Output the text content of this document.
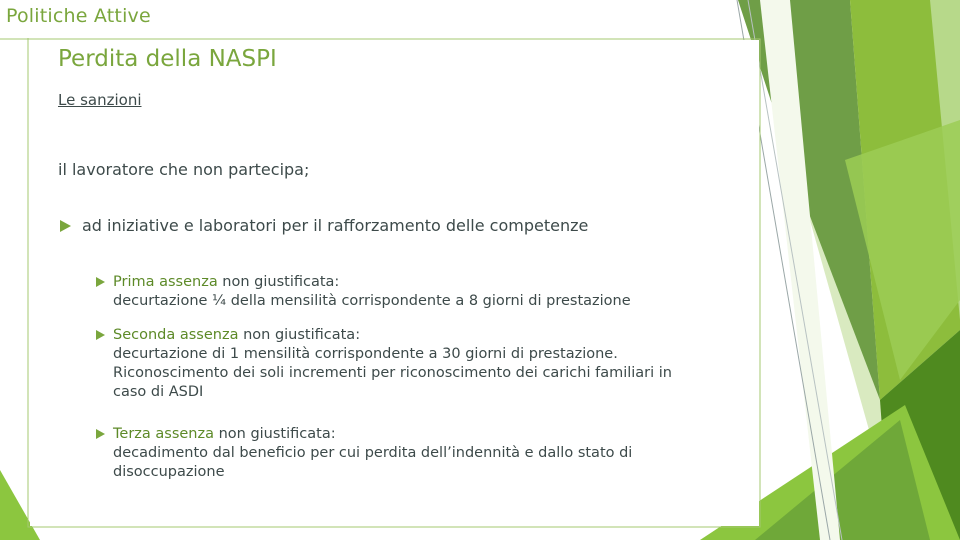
Politiche Attive
Perdita della NASPI
Le sanzioni
il lavoratore che non partecipa;
ad iniziative e laboratori per il rafforzamento delle competenze
Prima assenza non giustificata:
decurtazione ¼ della mensilità corrispondente a 8 giorni di prestazione
Seconda assenza non giustificata:
decurtazione di 1 mensilità corrispondente a 30 giorni di prestazione.
Riconoscimento dei soli incrementi per riconoscimento dei carichi familiari in
caso di ASDI
Terza assenza non giustificata:
decadimento dal beneficio per cui perdita dell’indennità e dallo stato di
disoccupazione
